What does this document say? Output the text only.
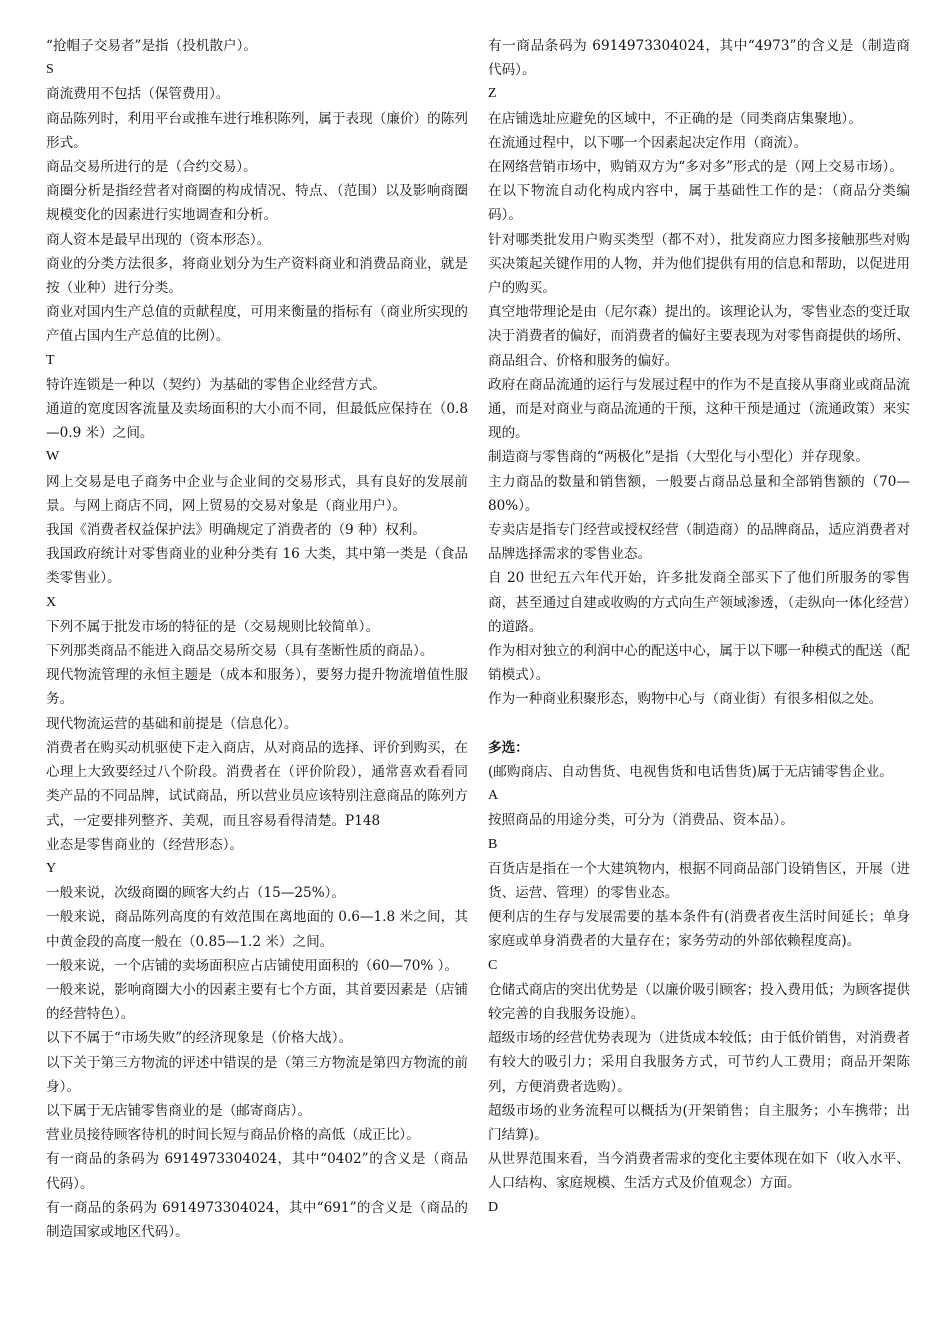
“抢帽子交易者”是指（投机散户）。

S

商流费用不包括（保管费用）。

商品陈列时，利用平台或推车进行堆积陈列，属于表现（廉价）的陈列形式。

商品交易所进行的是（合约交易）。

商圈分析是指经营者对商圈的构成情况、特点、（范围）以及影响商圈规模变化的因素进行实地调查和分析。

商人资本是最早出现的（资本形态）。

商业的分类方法很多，将商业划分为生产资料商业和消费品商业，就是按（业种）进行分类。

商业对国内生产总值的贡献程度，可用来衡量的指标有（商业所实现的产值占国内生产总值的比例）。

T

特许连锁是一种以（契约）为基础的零售企业经营方式。

通道的宽度因客流量及卖场面积的大小而不同，但最低应保持在（0.8—0.9 米）之间。

W

网上交易是电子商务中企业与企业间的交易形式，具有良好的发展前景。与网上商店不同，网上贸易的交易对象是（商业用户）。

我国《消费者权益保护法》明确规定了消费者的（9 种）权利。

我国政府统计对零售商业的业种分类有 16 大类，其中第一类是（食品类零售业）。

X

下列不属于批发市场的特征的是（交易规则比较简单）。

下列那类商品不能进入商品交易所交易（具有垄断性质的商品）。

现代物流管理的永恒主题是（成本和服务），要努力提升物流增值性服务。

现代物流运营的基础和前提是（信息化）。

消费者在购买动机驱使下走入商店，从对商品的选择、评价到购买，在心理上大致要经过八个阶段。消费者在（评价阶段），通常喜欢看看同类产品的不同品牌，试试商品，所以营业员应该特别注意商品的陈列方式，一定要排列整齐、美观，而且容易看得清楚。P148

业态是零售商业的（经营形态）。

Y

一般来说，次级商圈的顾客大约占（15—25%）。

一般来说，商品陈列高度的有效范围在离地面的 0.6—1.8 米之间，其中黄金段的高度一般在（0.85—1.2 米）之间。

一般来说，一个店铺的卖场面积应占店铺使用面积的（60—70% ）。

一般来说，影响商圈大小的因素主要有七个方面，其首要因素是（店铺的经营特色）。

以下不属于“市场失败”的经济现象是（价格大战）。

以下关于第三方物流的评述中错误的是（第三方物流是第四方物流的前身）。

以下属于无店铺零售商业的是（邮寄商店）。

营业员接待顾客待机的时间长短与商品价格的高低（成正比）。

有一商品的条码为 6914973304024，其中“0402”的含义是（商品代码）。

有一商品的条码为 6914973304024，其中“691”的含义是（商品的制造国家或地区代码）。

有一商品条码为 6914973304024，其中“4973”的含义是（制造商代码）。

Z

在店铺选址应避免的区域中，不正确的是（同类商店集聚地）。

在流通过程中，以下哪一个因素起决定作用（商流）。

在网络营销市场中，购销双方为“多对多”形式的是（网上交易市场）。

在以下物流自动化构成内容中，属于基础性工作的是：（商品分类编码）。

针对哪类批发用户购买类型（都不对），批发商应力图多接触那些对购买决策起关键作用的人物，并为他们提供有用的信息和帮助，以促进用户的购买。

真空地带理论是由（尼尔森）提出的。该理论认为，零售业态的变迁取决于消费者的偏好，而消费者的偏好主要表现为对零售商提供的场所、商品组合、价格和服务的偏好。

政府在商品流通的运行与发展过程中的作为不是直接从事商业或商品流通，而是对商业与商品流通的干预，这种干预是通过（流通政策）来实现的。

制造商与零售商的“两极化”是指（大型化与小型化）并存现象。

主力商品的数量和销售额，一般要占商品总量和全部销售额的（70—80%）。

专卖店是指专门经营或授权经营（制造商）的品牌商品，适应消费者对品牌选择需求的零售业态。

自 20 世纪五六年代开始，许多批发商全部买下了他们所服务的零售商，甚至通过自建或收购的方式向生产领域渗透，（走纵向一体化经营）的道路。

作为相对独立的利润中心的配送中心，属于以下哪一种模式的配送（配销模式）。

作为一种商业积聚形态，购物中心与（商业街）有很多相似之处。

多选：

(邮购商店、自动售货、电视售货和电话售货)属于无店铺零售企业。

A

按照商品的用途分类，可分为（消费品、资本品）。

B

百货店是指在一个大建筑物内，根据不同商品部门设销售区，开展（进货、运营、管理）的零售业态。

便利店的生存与发展需要的基本条件有(消费者夜生活时间延长；单身家庭或单身消费者的大量存在；家务劳动的外部依赖程度高)。

C

仓储式商店的突出优势是（以廉价吸引顾客；投入费用低；为顾客提供较完善的自我服务设施）。

超级市场的经营优势表现为（进货成本较低；由于低价销售，对消费者有较大的吸引力；采用自我服务方式，可节约人工费用；商品开架陈列，方便消费者选购）。

超级市场的业务流程可以概括为(开架销售；自主服务；小车携带；出门结算)。

从世界范围来看，当今消费者需求的变化主要体现在如下（收入水平、人口结构、家庭规模、生活方式及价值观念）方面。

D
